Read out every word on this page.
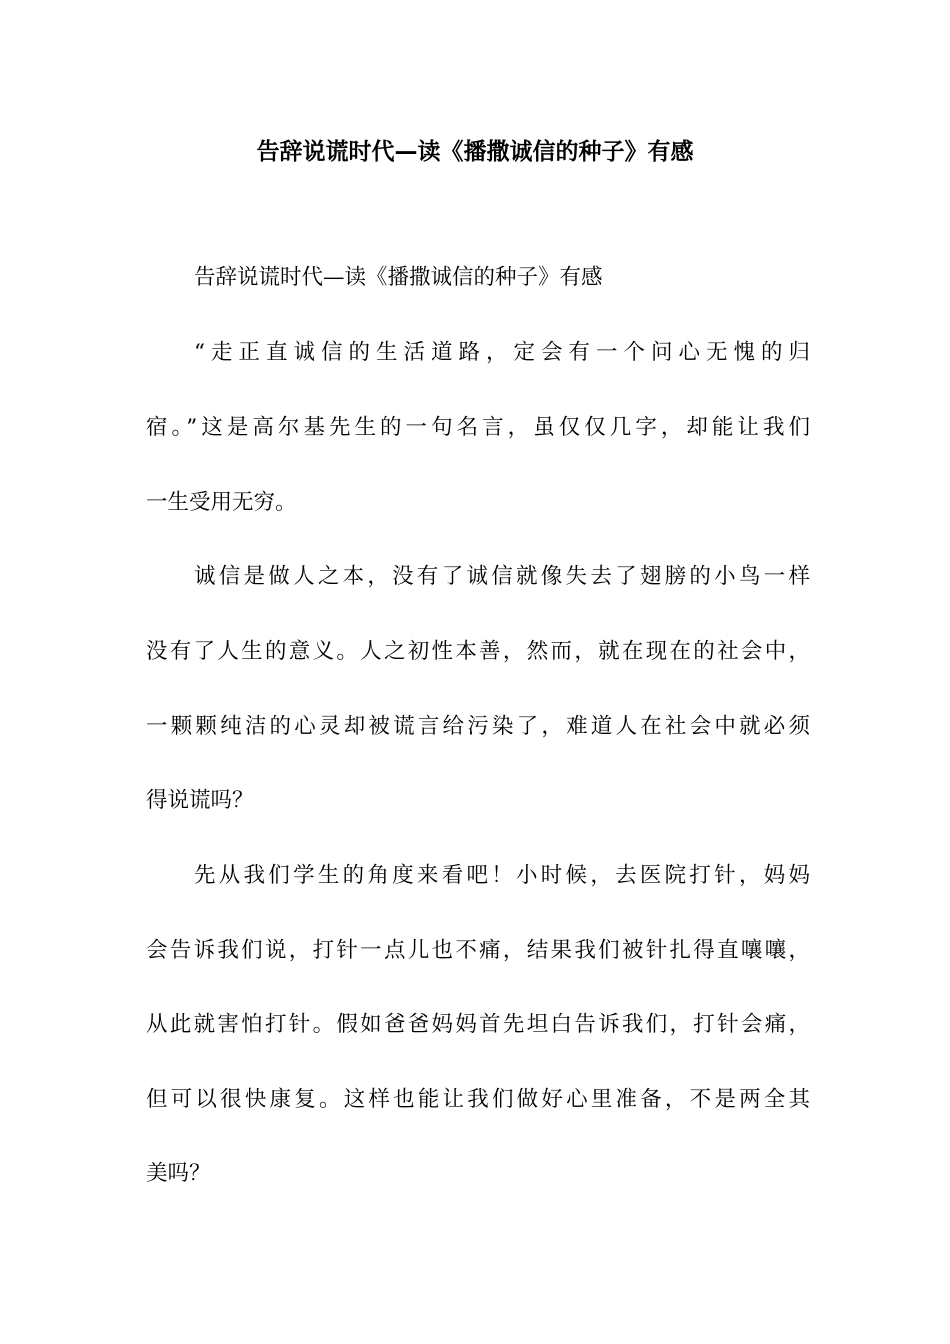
告辞说谎时代—读《播撒诚信的种子》有感

告辞说谎时代—读《播撒诚信的种子》有感

“走正直诚信的生活道路，定会有一个问心无愧的归

宿。”这是高尔基先生的一句名言，虽仅仅几字，却能让我们

一生受用无穷。

诚信是做人之本，没有了诚信就像失去了翅膀的小鸟一样

没有了人生的意义。人之初性本善，然而，就在现在的社会中，

一颗颗纯洁的心灵却被谎言给污染了，难道人在社会中就必须

得说谎吗？

先从我们学生的角度来看吧！小时候，去医院打针，妈妈

会告诉我们说，打针一点儿也不痛，结果我们被针扎得直嚷嚷，

从此就害怕打针。假如爸爸妈妈首先坦白告诉我们，打针会痛，

但可以很快康复。这样也能让我们做好心里准备，不是两全其

美吗？
